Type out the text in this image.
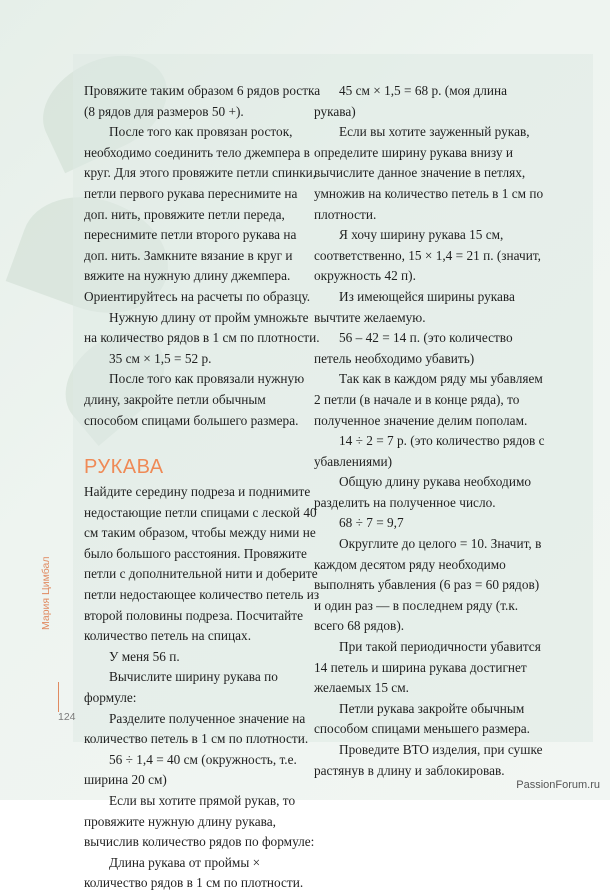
Провяжите таким образом 6 рядов ростка (8 рядов для размеров 50 +).

После того как провязан росток, необходимо соединить тело джемпера в круг. Для этого провяжите петли спинки, петли первого рукава переснимите на доп. нить, провяжите петли переда, переснимите петли второго рукава на доп. нить. Замкните вязание в круг и вяжите на нужную длину джемпера. Ориентируйтесь на расчеты по образцу.

Нужную длину от пройм умножьте на количество рядов в 1 см по плотности.

35 см × 1,5 = 52 р.

После того как провязали нужную длину, закройте петли обычным способом спицами большего размера.

РУКАВА

Найдите середину подреза и поднимите недостающие петли спицами с леской 40 см таким образом, чтобы между ними не было большого расстояния. Провяжите петли с дополнительной нити и доберите петли недостающее количество петель из второй половины подреза. Посчитайте количество петель на спицах.

У меня 56 п.

Вычислите ширину рукава по формуле:

Разделите полученное значение на количество петель в 1 см по плотности.

56 ÷ 1,4 = 40 см (окружность, т.е. ширина 20 см)

Если вы хотите прямой рукав, то провяжите нужную длину рукава, вычислив количество рядов по формуле:

Длина рукава от проймы × количество рядов в 1 см по плотности.

45 см × 1,5 = 68 р. (моя длина рукава)

Если вы хотите зауженный рукав, определите ширину рукава внизу и вычислите данное значение в петлях, умножив на количество петель в 1 см по плотности.

Я хочу ширину рукава 15 см, соответственно, 15 × 1,4 = 21 п. (значит, окружность 42 п).

Из имеющейся ширины рукава вычтите желаемую.

56 – 42 = 14 п. (это количество петель необходимо убавить)

Так как в каждом ряду мы убавляем 2 петли (в начале и в конце ряда), то полученное значение делим пополам.

14 ÷ 2 = 7 р. (это количество рядов с убавлениями)

Общую длину рукава необходимо разделить на полученное число.

68 ÷ 7 = 9,7

Округлите до целого = 10. Значит, в каждом десятом ряду необходимо выполнять убавления (6 раз = 60 рядов) и один раз — в последнем ряду (т.к. всего 68 рядов).

При такой периодичности убавится 14 петель и ширина рукава достигнет желаемых 15 см.

Петли рукава закройте обычным способом спицами меньшего размера.

Проведите ВТО изделия, при сушке растянув в длину и заблокировав.

Мария Цимбал
124
PassionForum.ru
